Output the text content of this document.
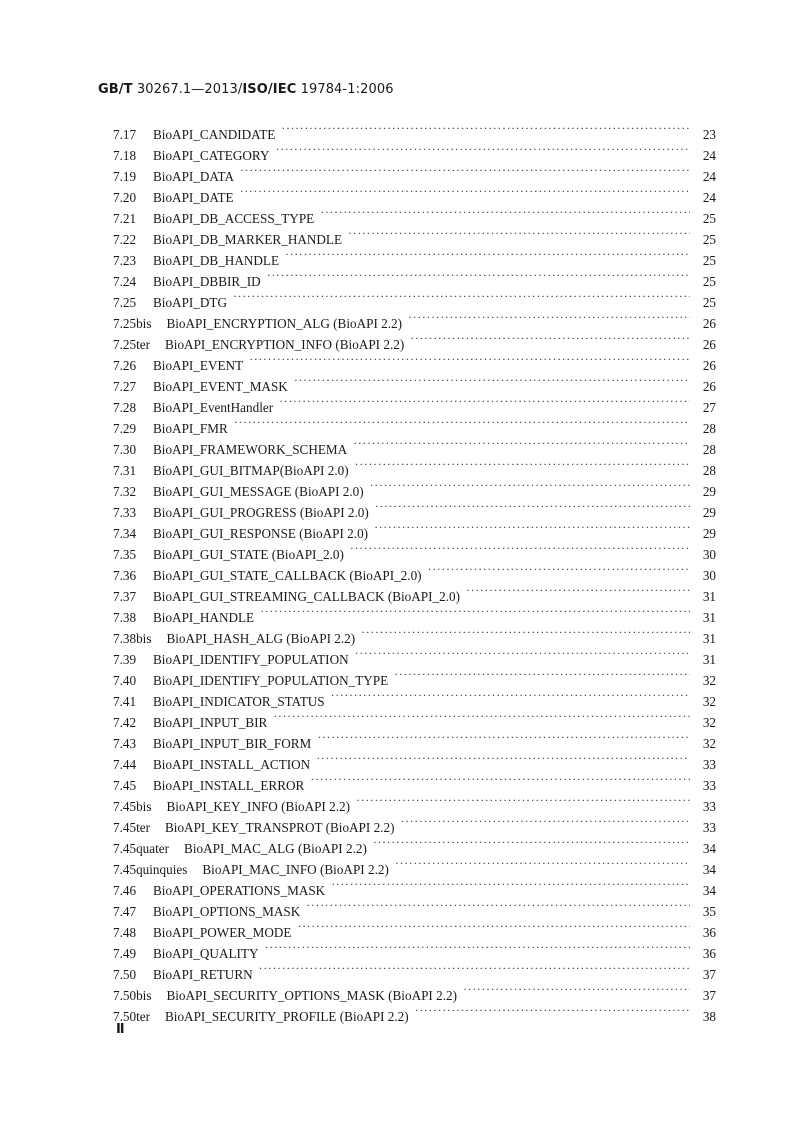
GB/T 30267.1—2013/ISO/IEC 19784-1:2006
7.17	BioAPI_CANDIDATE ·····	23
7.18	BioAPI_CATEGORY ·····	24
7.19	BioAPI_DATA ·····	24
7.20	BioAPI_DATE ·····	24
7.21	BioAPI_DB_ACCESS_TYPE ·····	25
7.22	BioAPI_DB_MARKER_HANDLE ·····	25
7.23	BioAPI_DB_HANDLE ·····	25
7.24	BioAPI_DBBIR_ID ·····	25
7.25	BioAPI_DTG ·····	25
7.25bis BioAPI_ENCRYPTION_ALG (BioAPI 2.2) ·····	26
7.25ter BioAPI_ENCRYPTION_INFO (BioAPI 2.2) ·····	26
7.26	BioAPI_EVENT ·····	26
7.27	BioAPI_EVENT_MASK ·····	26
7.28	BioAPI_EventHandler ·····	27
7.29	BioAPI_FMR ·····	28
7.30	BioAPI_FRAMEWORK_SCHEMA ·····	28
7.31	BioAPI_GUI_BITMAP(BioAPI 2.0) ·····	28
7.32	BioAPI_GUI_MESSAGE (BioAPI 2.0) ·····	29
7.33	BioAPI_GUI_PROGRESS (BioAPI 2.0) ·····	29
7.34	BioAPI_GUI_RESPONSE (BioAPI 2.0) ·····	29
7.35	BioAPI_GUI_STATE (BioAPI_2.0) ·····	30
7.36	BioAPI_GUI_STATE_CALLBACK (BioAPI_2.0) ·····	30
7.37	BioAPI_GUI_STREAMING_CALLBACK (BioAPI_2.0) ·····	31
7.38	BioAPI_HANDLE ·····	31
7.38bis BioAPI_HASH_ALG (BioAPI 2.2) ·····	31
7.39	BioAPI_IDENTIFY_POPULATION ·····	31
7.40	BioAPI_IDENTIFY_POPULATION_TYPE ·····	32
7.41	BioAPI_INDICATOR_STATUS ·····	32
7.42	BioAPI_INPUT_BIR ·····	32
7.43	BioAPI_INPUT_BIR_FORM ·····	32
7.44	BioAPI_INSTALL_ACTION ·····	33
7.45	BioAPI_INSTALL_ERROR ·····	33
7.45bis BioAPI_KEY_INFO (BioAPI 2.2) ·····	33
7.45ter BioAPI_KEY_TRANSPROT (BioAPI 2.2) ·····	33
7.45quater BioAPI_MAC_ALG (BioAPI 2.2) ·····	34
7.45quinquies BioAPI_MAC_INFO (BioAPI 2.2) ·····	34
7.46	BioAPI_OPERATIONS_MASK ·····	34
7.47	BioAPI_OPTIONS_MASK ·····	35
7.48	BioAPI_POWER_MODE ·····	36
7.49	BioAPI_QUALITY ·····	36
7.50	BioAPI_RETURN ·····	37
7.50bis BioAPI_SECURITY_OPTIONS_MASK (BioAPI 2.2) ·····	37
7.50ter BioAPI_SECURITY_PROFILE (BioAPI 2.2) ·····	38
Ⅱ
